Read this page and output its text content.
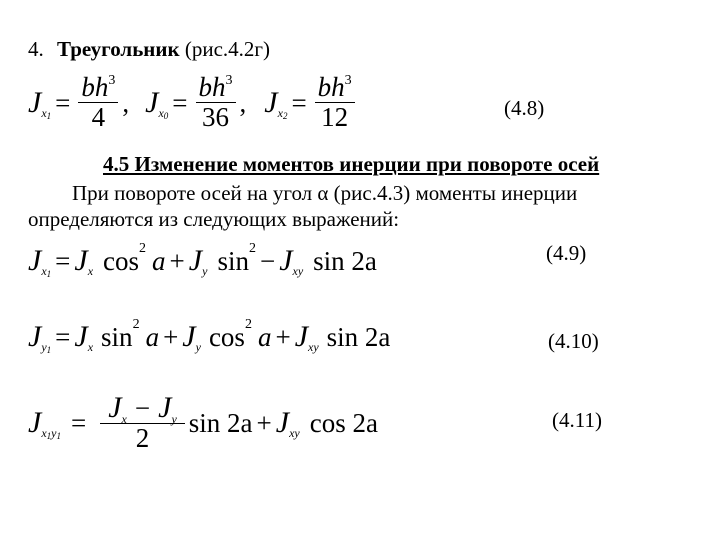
4. Треугольник (рис.4.2г)
J $x1 = \frac{bh^3}{4}$ , J $x0 = \frac{bh^3}{36}$ , J $x2 = \frac{bh^3}{12}$	(4.8)
4.5 Изменение моментов инерции при повороте осей
При повороте осей на угол α (рис.4.3) моменты инерции
определяются из следующих выражений:
J x1 = J x cos 2 a + J y sin 2 − J xy sin 2a	(4.9)
J y1 = J x sin 2 a + J y cos 2 a + J xy sin 2a	(4.10)
J $x1y1 = \frac{J_x - J_y}{2}$ sin 2a + J xy cos 2a	(4.11)
